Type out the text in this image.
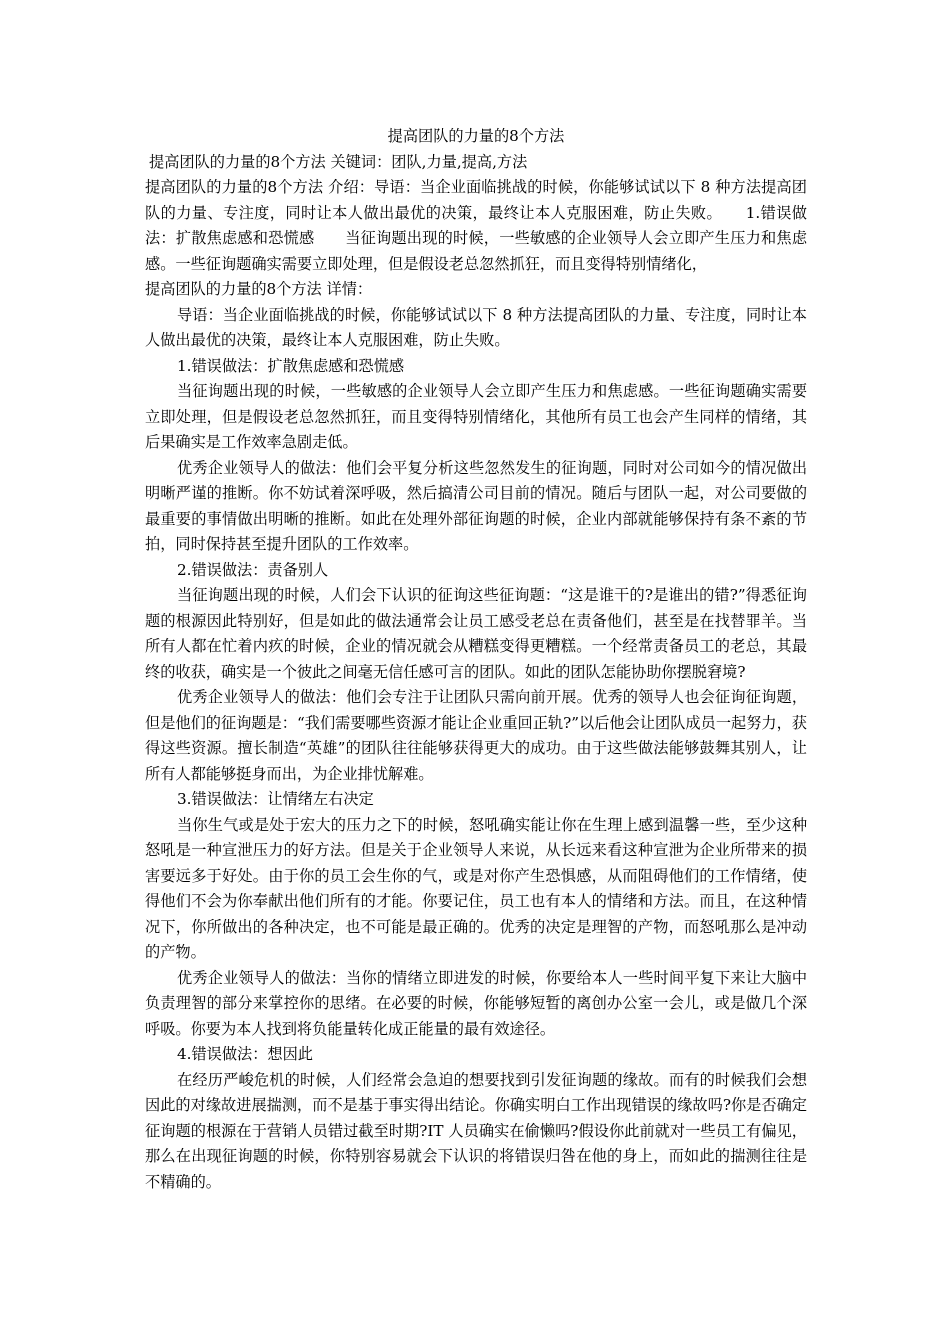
提高团队的力量的8个方法

提高团队的力量的8个方法 关键词：团队,力量,提高,方法

提高团队的力量的8个方法 介绍：导语：当企业面临挑战的时候，你能够试试以下 8 种方法提高团队的力量、专注度，同时让本人做出最优的决策，最终让本人克服困难，防止失败。　　1.错误做法：扩散焦虑感和恐慌感　　当征询题出现的时候，一些敏感的企业领导人会立即产生压力和焦虑感。一些征询题确实需要立即处理，但是假设老总忽然抓狂，而且变得特别情绪化，

提高团队的力量的8个方法 详情：

导语：当企业面临挑战的时候，你能够试试以下 8 种方法提高团队的力量、专注度，同时让本人做出最优的决策，最终让本人克服困难，防止失败。

1.错误做法：扩散焦虑感和恐慌感

当征询题出现的时候，一些敏感的企业领导人会立即产生压力和焦虑感。一些征询题确实需要立即处理，但是假设老总忽然抓狂，而且变得特别情绪化，其他所有员工也会产生同样的情绪，其后果确实是工作效率急剧走低。

优秀企业领导人的做法：他们会平复分析这些忽然发生的征询题，同时对公司如今的情况做出明晰严谨的推断。你不妨试着深呼吸，然后搞清公司目前的情况。随后与团队一起，对公司要做的最重要的事情做出明晰的推断。如此在处理外部征询题的时候，企业内部就能够保持有条不紊的节拍，同时保持甚至提升团队的工作效率。

2.错误做法：责备别人

当征询题出现的时候，人们会下认识的征询这些征询题：“这是谁干的?是谁出的错?”得悉征询题的根源因此特别好，但是如此的做法通常会让员工感受老总在责备他们，甚至是在找替罪羊。当所有人都在忙着内疚的时候，企业的情况就会从糟糕变得更糟糕。一个经常责备员工的老总，其最终的收获，确实是一个彼此之间毫无信任感可言的团队。如此的团队怎能协助你摆脱窘境?

优秀企业领导人的做法：他们会专注于让团队只需向前开展。优秀的领导人也会征询征询题，但是他们的征询题是：“我们需要哪些资源才能让企业重回正轨?”以后他会让团队成员一起努力，获得这些资源。擅长制造“英雄”的团队往往能够获得更大的成功。由于这些做法能够鼓舞其别人，让所有人都能够挺身而出，为企业排忧解难。

3.错误做法：让情绪左右决定

当你生气或是处于宏大的压力之下的时候，怒吼确实能让你在生理上感到温馨一些，至少这种怒吼是一种宣泄压力的好方法。但是关于企业领导人来说，从长远来看这种宣泄为企业所带来的损害要远多于好处。由于你的员工会生你的气，或是对你产生恐惧感，从而阻碍他们的工作情绪，使得他们不会为你奉献出他们所有的才能。你要记住，员工也有本人的情绪和方法。而且，在这种情况下，你所做出的各种决定，也不可能是最正确的。优秀的决定是理智的产物，而怒吼那么是冲动的产物。

优秀企业领导人的做法：当你的情绪立即进发的时候，你要给本人一些时间平复下来让大脑中负责理智的部分来掌控你的思绪。在必要的时候，你能够短暂的离创办公室一会儿，或是做几个深呼吸。你要为本人找到将负能量转化成正能量的最有效途径。

4.错误做法：想因此

在经历严峻危机的时候，人们经常会急迫的想要找到引发征询题的缘故。而有的时候我们会想因此的对缘故进展揣测，而不是基于事实得出结论。你确实明白工作出现错误的缘故吗?你是否确定征询题的根源在于营销人员错过截至时期?IT 人员确实在偷懒吗?假设你此前就对一些员工有偏见，那么在出现征询题的时候，你特别容易就会下认识的将错误归咎在他的身上，而如此的揣测往往是不精确的。
